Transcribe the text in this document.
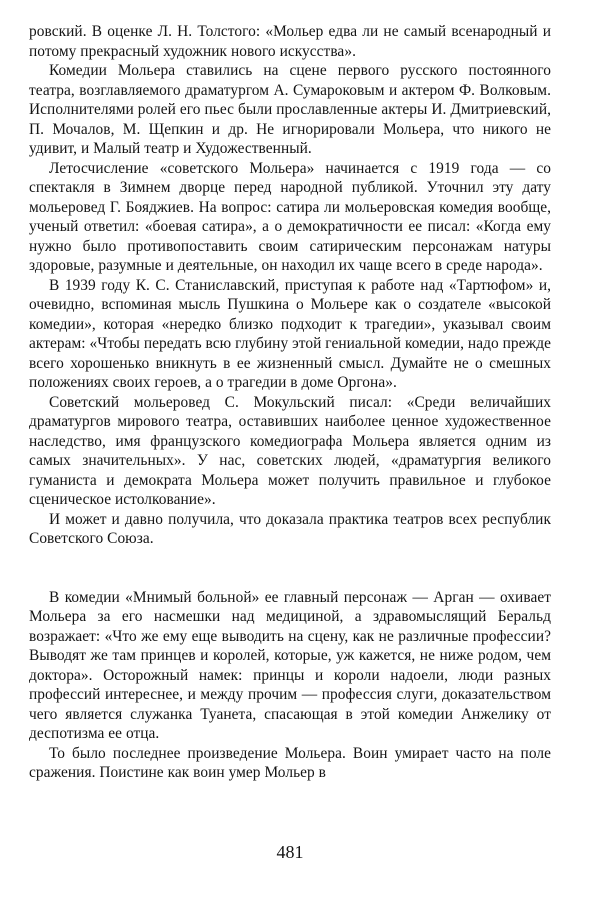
ровский. В оценке Л. Н. Толстого: «Мольер едва ли не самый всенародный и потому прекрасный художник нового искусства».

Комедии Мольера ставились на сцене первого русского постоянного театра, возглавляемого драматургом А. Сумароковым и актером Ф. Волковым. Исполнителями ролей его пьес были прославленные актеры И. Дмитриевский, П. Мочалов, М. Щепкин и др. Не игнорировали Мольера, что никого не удивит, и Малый театр и Художественный.

Летосчисление «советского Мольера» начинается с 1919 года — со спектакля в Зимнем дворце перед народной публикой. Уточнил эту дату мольеровед Г. Бояджиев. На вопрос: сатира ли мольеровская комедия вообще, ученый ответил: «боевая сатира», а о демократичности ее писал: «Когда ему нужно было противопоставить своим сатирическим персонажам натуры здоровые, разумные и деятельные, он находил их чаще всего в среде народа».

В 1939 году К. С. Станиславский, приступая к работе над «Тартюфом» и, очевидно, вспоминая мысль Пушкина о Мольере как о создателе «высокой комедии», которая «нередко близко подходит к трагедии», указывал своим актерам: «Чтобы передать всю глубину этой гениальной комедии, надо прежде всего хорошенько вникнуть в ее жизненный смысл. Думайте не о смешных положениях своих героев, а о трагедии в доме Оргона».

Советский мольеровед С. Мокульский писал: «Среди величайших драматургов мирового театра, оставивших наиболее ценное художественное наследство, имя французского комедиографа Мольера является одним из самых значительных». У нас, советских людей, «драматургия великого гуманиста и демократа Мольера может получить правильное и глубокое сценическое истолкование».

И может и давно получила, что доказала практика театров всех республик Советского Союза.

В комедии «Мнимый больной» ее главный персонаж — Арган — охивает Мольера за его насмешки над медициной, а здравомыслящий Беральд возражает: «Что же ему еще выводить на сцену, как не различные профессии? Выводят же там принцев и королей, которые, уж кажется, не ниже родом, чем доктора». Осторожный намек: принцы и короли надоели, люди разных профессий интереснее, и между прочим — профессия слуги, доказательством чего является служанка Туанета, спасающая в этой комедии Анжелику от деспотизма ее отца.

То было последнее произведение Мольера. Воин умирает часто на поле сражения. Поистине как воин умер Мольер в

481
